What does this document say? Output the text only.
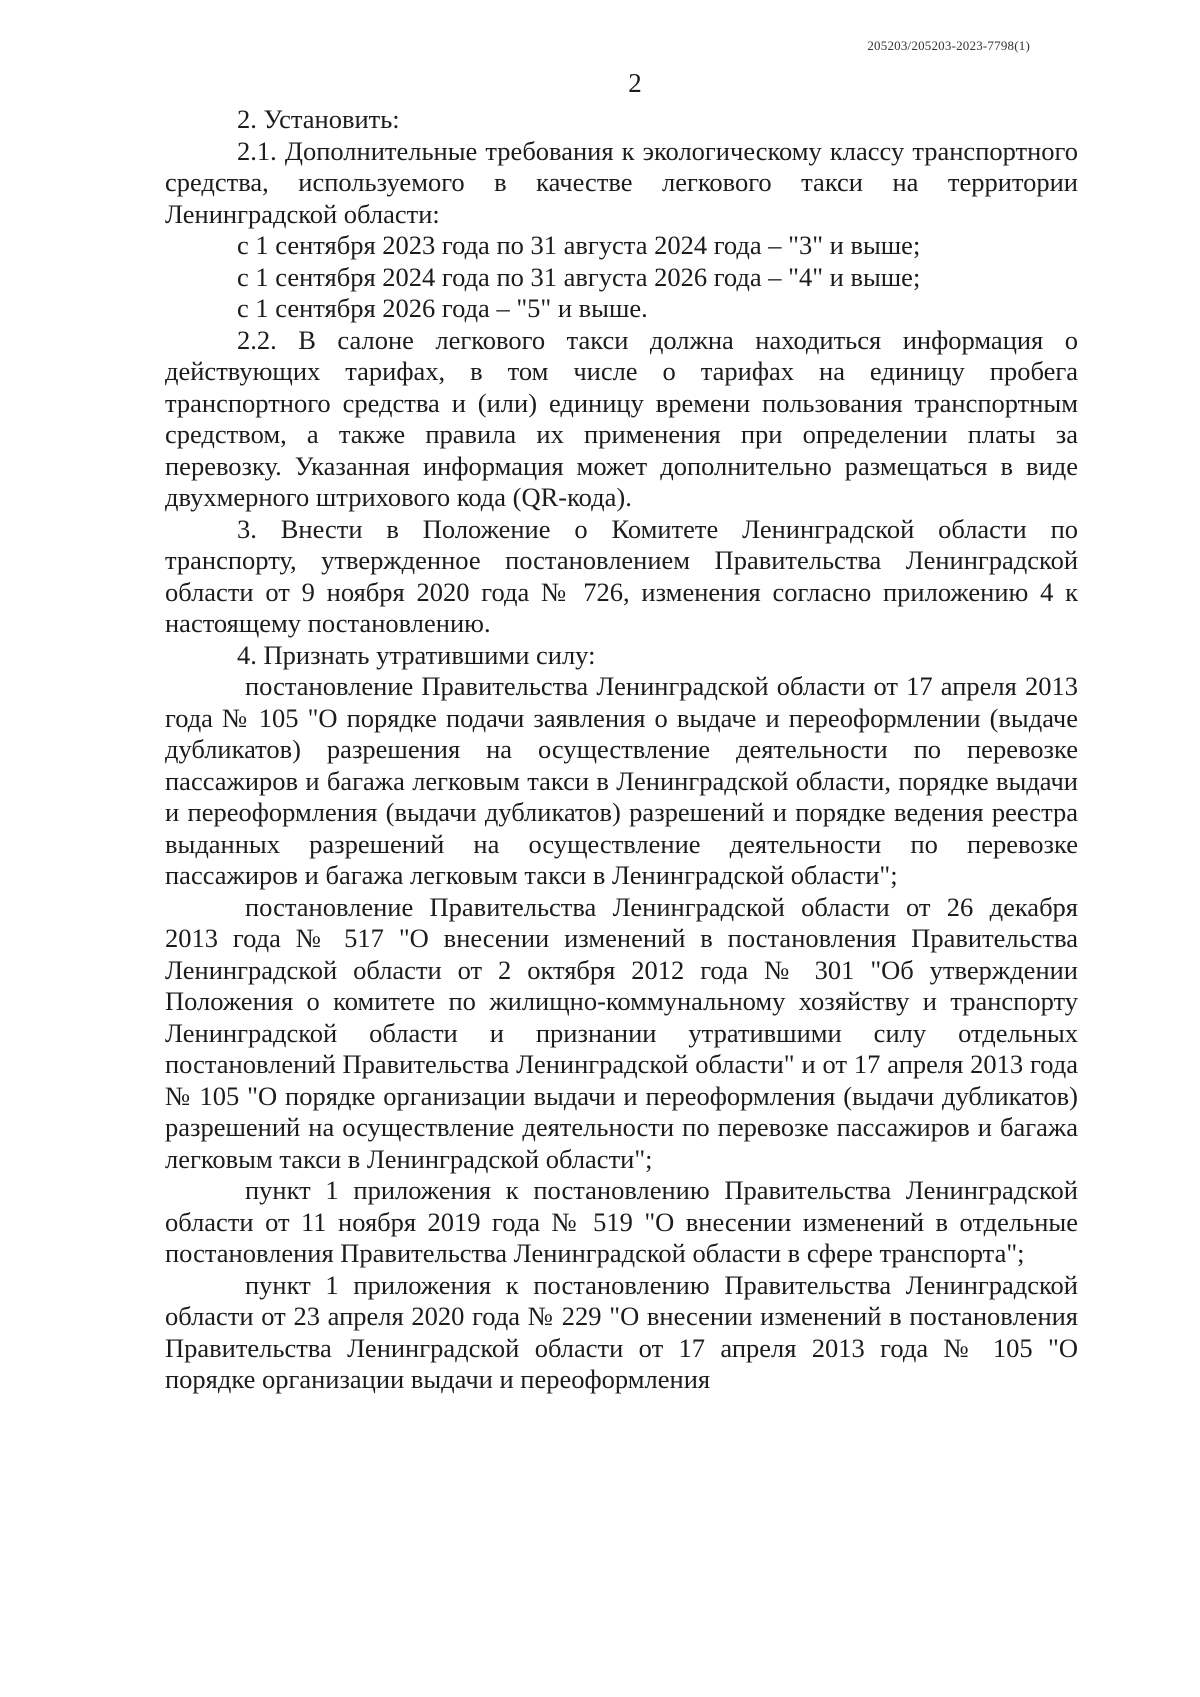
205203/205203-2023-7798(1)
2

2. Установить:

2.1. Дополнительные требования к экологическому классу транспортного средства, используемого в качестве легкового такси на территории Ленинградской области:

с 1 сентября 2023 года по 31 августа 2024 года – "3" и выше;

с 1 сентября 2024 года по 31 августа 2026 года – "4" и выше;

с 1 сентября 2026 года – "5" и выше.

2.2. В салоне легкового такси должна находиться информация о действующих тарифах, в том числе о тарифах на единицу пробега транспортного средства и (или) единицу времени пользования транспортным средством, а также правила их применения при определении платы за перевозку. Указанная информация может дополнительно размещаться в виде двухмерного штрихового кода (QR-кода).

3. Внести в Положение о Комитете Ленинградской области по транспорту, утвержденное постановлением Правительства Ленинградской области от 9 ноября 2020 года № 726, изменения согласно приложению 4 к настоящему постановлению.

4. Признать утратившими силу:

постановление Правительства Ленинградской области от 17 апреля 2013 года № 105 "О порядке подачи заявления о выдаче и переоформлении (выдаче дубликатов) разрешения на осуществление деятельности по перевозке пассажиров и багажа легковым такси в Ленинградской области, порядке выдачи и переоформления (выдачи дубликатов) разрешений и порядке ведения реестра выданных разрешений на осуществление деятельности по перевозке пассажиров и багажа легковым такси в Ленинградской области";

постановление Правительства Ленинградской области от 26 декабря 2013 года № 517 "О внесении изменений в постановления Правительства Ленинградской области от 2 октября 2012 года № 301 "Об утверждении Положения о комитете по жилищно-коммунальному хозяйству и транспорту Ленинградской области и признании утратившими силу отдельных постановлений Правительства Ленинградской области" и от 17 апреля 2013 года № 105 "О порядке организации выдачи и переоформления (выдачи дубликатов) разрешений на осуществление деятельности по перевозке пассажиров и багажа легковым такси в Ленинградской области";

пункт 1 приложения к постановлению Правительства Ленинградской области от 11 ноября 2019 года № 519 "О внесении изменений в отдельные постановления Правительства Ленинградской области в сфере транспорта";

пункт 1 приложения к постановлению Правительства Ленинградской области от 23 апреля 2020 года № 229 "О внесении изменений в постановления Правительства Ленинградской области от 17 апреля 2013 года № 105 "О порядке организации выдачи и переоформления
